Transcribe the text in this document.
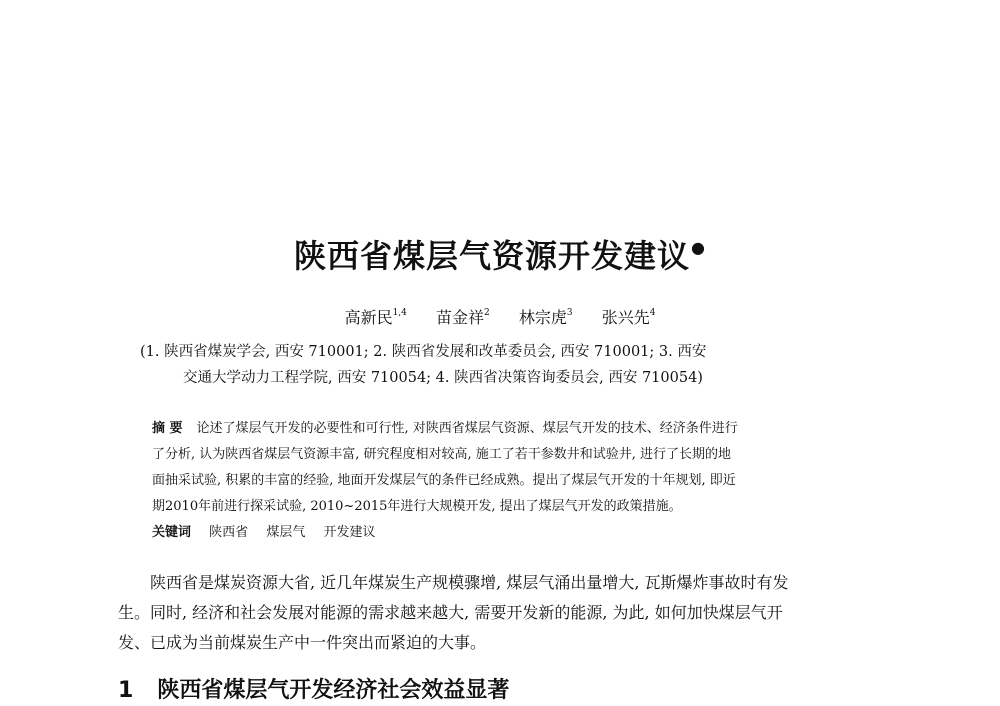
陕西省煤层气资源开发建议●
高新民$^{1,4}$ 苗金祥$^2$ 林宗虎$^3$ 张兴先$^4$
(1. 陕西省煤炭学会, 西安 710001; 2. 陕西省发展和改革委员会, 西安 710001; 3. 西安
交通大学动力工程学院, 西安 710054; 4. 陕西省决策咨询委员会, 西安 710054)
摘 要 论述了煤层气开发的必要性和可行性, 对陕西省煤层气资源、煤层气开发的技术、经济条件进行
了分析, 认为陕西省煤层气资源丰富, 研究程度相对较高, 施工了若干参数井和试验井, 进行了长期的地
面抽采试验, 积累的丰富的经验, 地面开发煤层气的条件已经成熟。提出了煤层气开发的十年规划, 即近
期2010年前进行探采试验, 2010~2015年进行大规模开发, 提出了煤层气开发的政策措施。
关键词 陕西省 煤层气 开发建议
陕西省是煤炭资源大省, 近几年煤炭生产规模骤增, 煤层气涌出量增大, 瓦斯爆炸事故时有发
生。同时, 经济和社会发展对能源的需求越来越大, 需要开发新的能源, 为此, 如何加快煤层气开
发、已成为当前煤炭生产中一件突出而紧迫的大事。
1 陕西省煤层气开发经济社会效益显著
